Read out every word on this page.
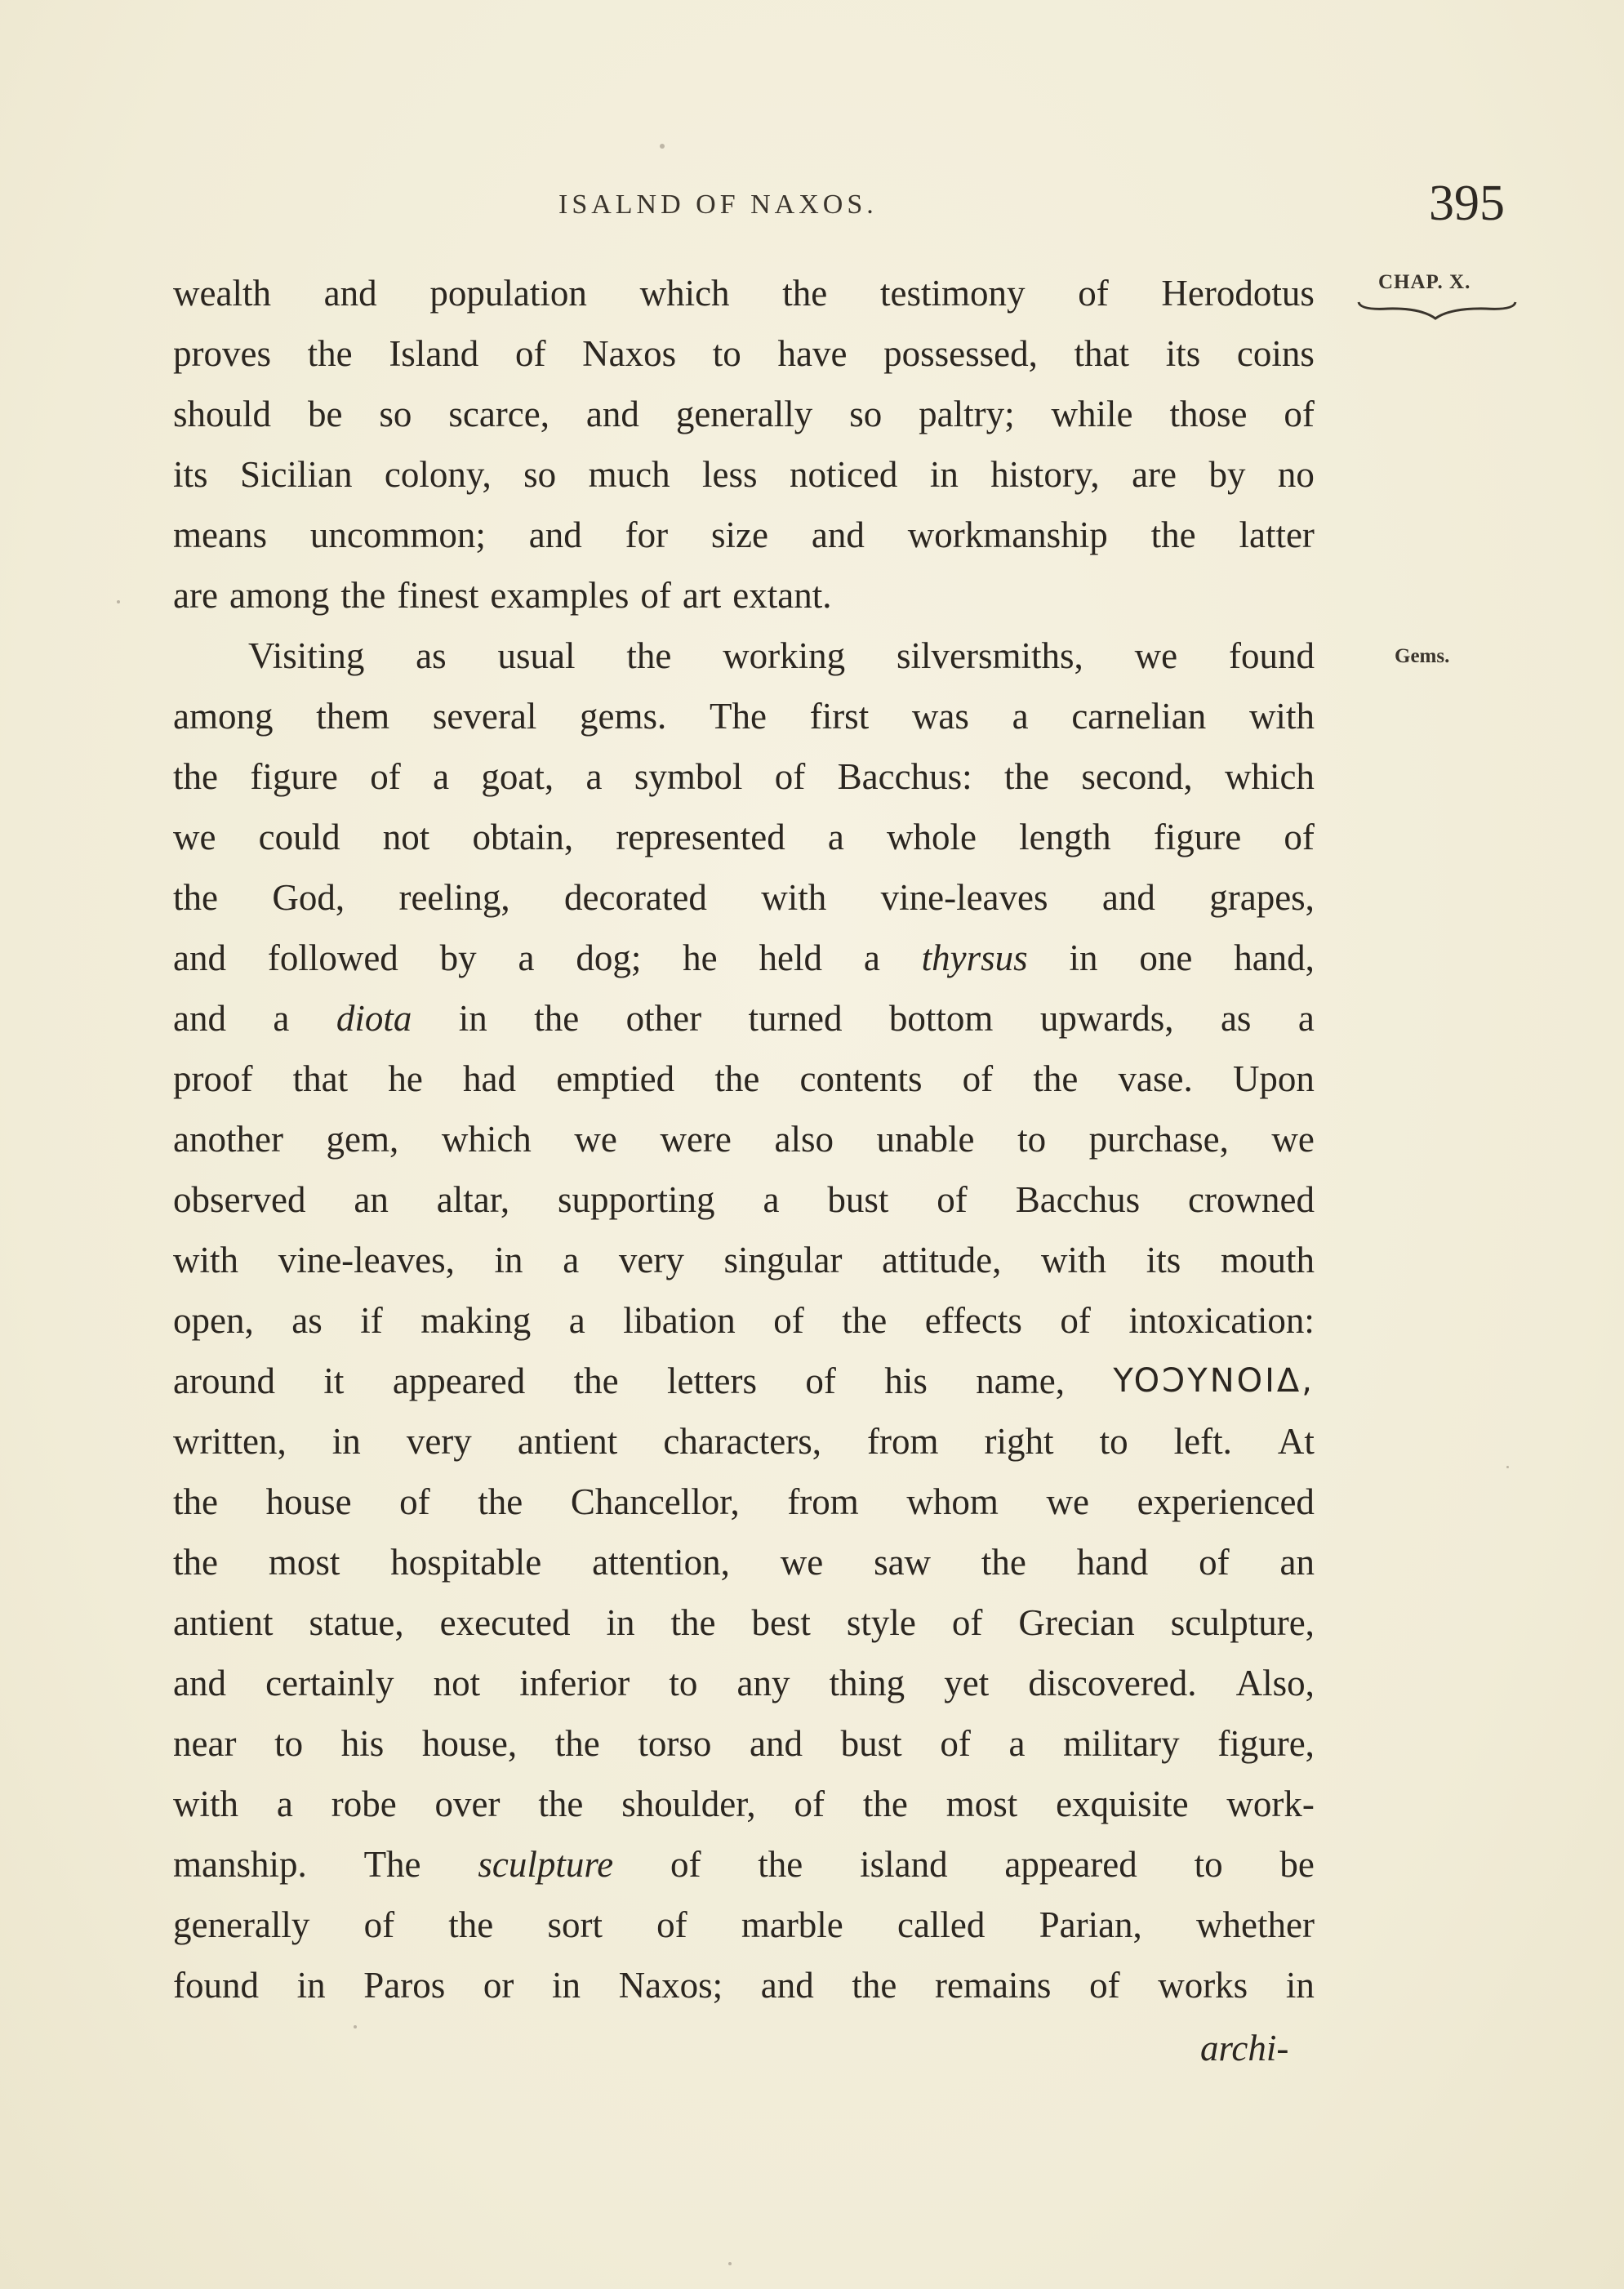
ISALND OF NAXOS.	395
CHAP. X.
Gems.
wealth and population which the testimony of Herodotus
proves the Island of Naxos to have possessed, that its coins
should be so scarce, and generally so paltry; while those of
its Sicilian colony, so much less noticed in history, are by no
means uncommon; and for size and workmanship the latter
are among the finest examples of art extant.
Visiting as usual the working silversmiths, we found
among them several gems. The first was a carnelian with
the figure of a goat, a symbol of Bacchus: the second, which
we could not obtain, represented a whole length figure of
the God, reeling, decorated with vine-leaves and grapes,
and followed by a dog; he held a thyrsus in one hand,
and a diota in the other turned bottom upwards, as a
proof that he had emptied the contents of the vase. Upon
another gem, which we were also unable to purchase, we
observed an altar, supporting a bust of Bacchus crowned
with vine-leaves, in a very singular attitude, with its mouth
open, as if making a libation of the effects of intoxication:
around it appeared the letters of his name, YOƆYNOIΔ,
written, in very antient characters, from right to left. At
the house of the Chancellor, from whom we experienced
the most hospitable attention, we saw the hand of an
antient statue, executed in the best style of Grecian sculpture,
and certainly not inferior to any thing yet discovered. Also,
near to his house, the torso and bust of a military figure,
with a robe over the shoulder, of the most exquisite work-
manship. The sculpture of the island appeared to be
generally of the sort of marble called Parian, whether
found in Paros or in Naxos; and the remains of works in
archi-
